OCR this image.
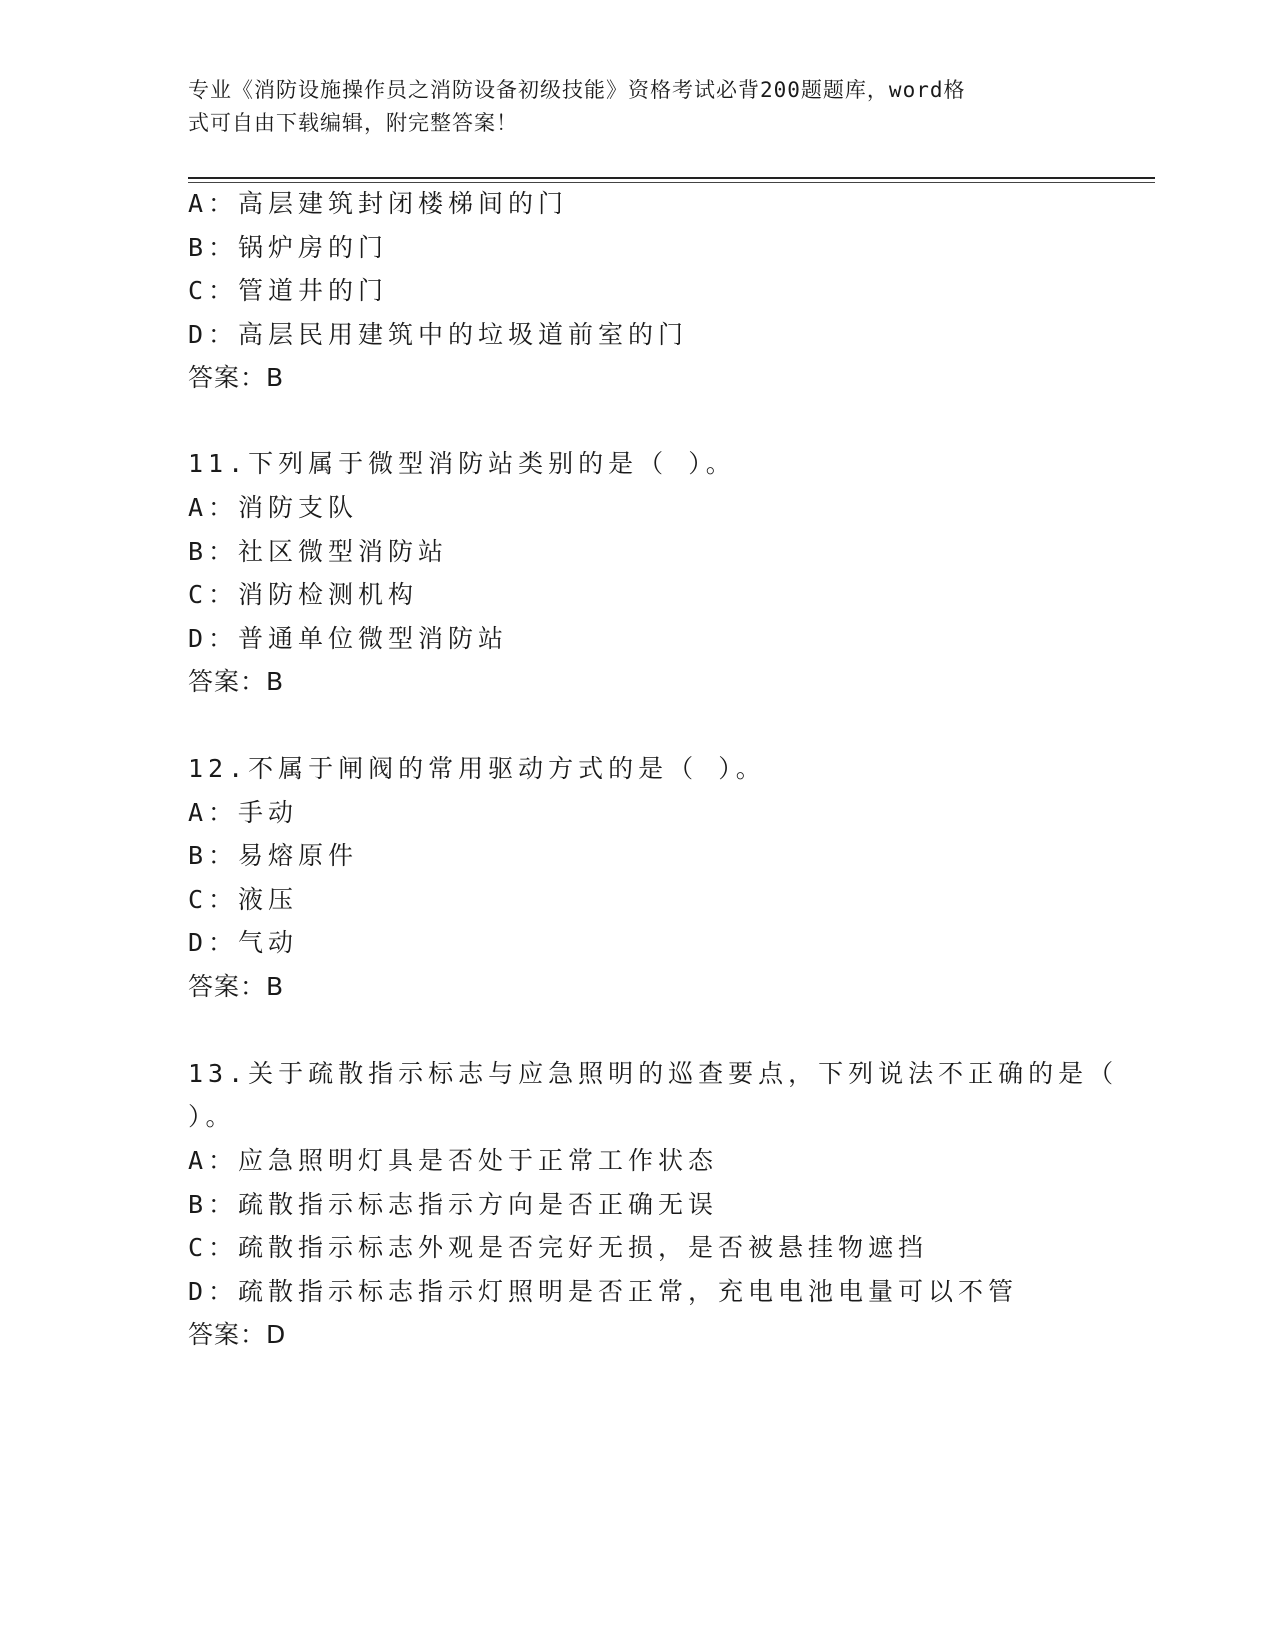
专业《消防设施操作员之消防设备初级技能》资格考试必背200题题库，word格
式可自由下载编辑，附完整答案！
A：高层建筑封闭楼梯间的门
B：锅炉房的门
C：管道井的门
D：高层民用建筑中的垃圾道前室的门
答案：B
11.下列属于微型消防站类别的是（ ）。
A：消防支队
B：社区微型消防站
C：消防检测机构
D：普通单位微型消防站
答案：B
12.不属于闸阀的常用驱动方式的是（ ）。
A：手动
B：易熔原件
C：液压
D：气动
答案：B
13.关于疏散指示标志与应急照明的巡查要点，下列说法不正确的是（
）。
A：应急照明灯具是否处于正常工作状态
B：疏散指示标志指示方向是否正确无误
C：疏散指示标志外观是否完好无损，是否被悬挂物遮挡
D：疏散指示标志指示灯照明是否正常，充电电池电量可以不管
答案：D
